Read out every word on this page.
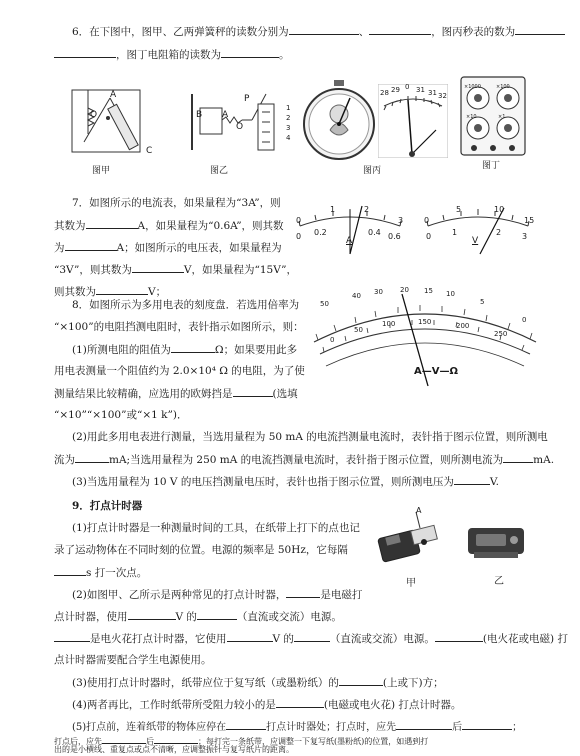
6．在下图中，图甲、乙两弹簧秤的读数分别为	、	，图丙秒表的数为
，图丁电阻箱的读数为	。
A
O
C
图甲
B A
P
O
1
2
3
4
图乙
28 29 0 31 31 32
图丙
×1000	×100
×10	×1
图丁
7．如图所示的电流表，如果量程为“3A”，则
其数为	A，如果量程为“0.6A”，则其数
为	A；如图所示的电压表，如果量程为
“3V”，则其数为	V，如果量程为“15V”，
则其数为	V；
0
1	2
3
0 0.2	0.4 0.6
A
0
5	10
15
0	1	2	3
V
8．如图所示为多用电表的刻度盘．若选用倍率为
“×100”的电阻挡测电阻时，表针指示如图所示，则：
(1)所测电阻的阻值为	Ω；如果要用此多
用电表测量一个阻值约为 2.0×10⁴ Ω 的电阻，为了使
测量结果比较精确，应选用的欧姆挡是	(选填
“×10”“×100”或“×1 k”)．
50
40 30 20 15 10
5
0
0
50
100	150	200
250
A—V—Ω
(2)用此多用电表进行测量，当选用量程为 50 mA 的电流挡测量电流时，表针指于图示位置，则所测电
流为	mA;当选用量程为 250 mA 的电流挡测量电流时，表针指于图示位置，则所测电流为	mA.
(3)当选用量程为 10 V 的电压挡测量电压时，表针也指于图示位置，则所测电压为	V.
9．打点计时器
(1)打点计时器是一种测量时间的工具，在纸带上打下的点也记
录了运动物体在不同时刻的位置。电源的频率是 50Hz，它每隔
s 打一次点。
(2)如图甲、乙所示是两种常见的打点计时器，	是电磁打
点计时器，使用	V 的	（直流或交流）电源。
A
甲	乙
是电火花打点计时器，它使用	V 的	（直流或交流）电源。	(电火花或电磁) 打
点计时器需要配合学生电源使用。
(3)使用打点计时器时，纸带应位于复写纸（或墨粉纸）的	(上或下)方；
(4)两者再比，工作时纸带所受阻力较小的是	(电磁或电火花) 打点计时器。
(5)打点前，连着纸带的物体应停在	打点计时器处；打点时，应先	后	；
打点后，应先	后	；每打完一条纸带，应调整一下复写纸(墨粉纸)的位置，如遇到打
出的是小横线、重复点或点不清晰，应调整振针与复写纸片的距离。
